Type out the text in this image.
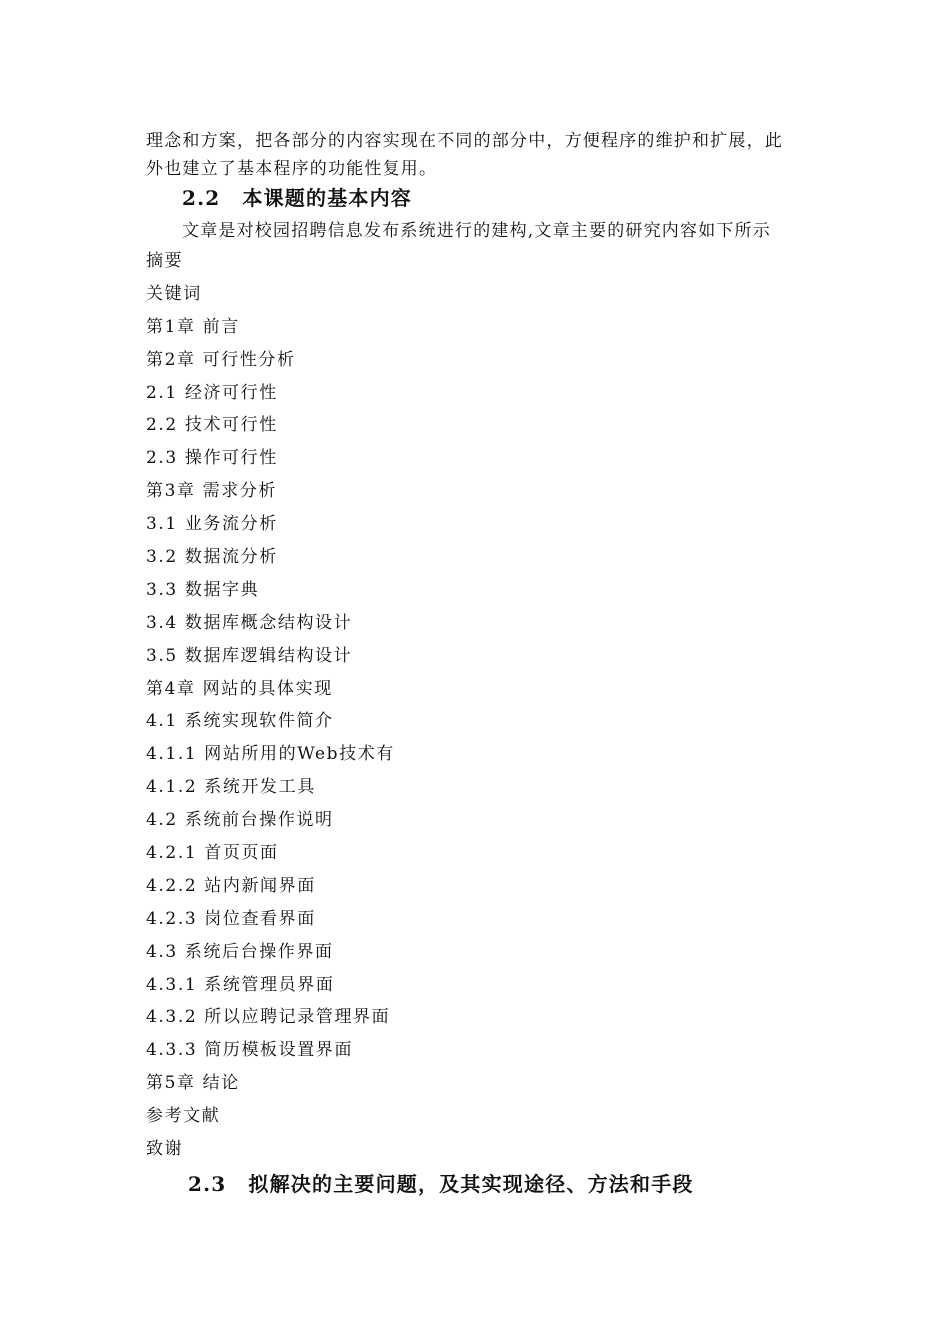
理念和方案，把各部分的内容实现在不同的部分中，方便程序的维护和扩展，此
外也建立了基本程序的功能性复用。
2.2 本课题的基本内容
文章是对校园招聘信息发布系统进行的建构,文章主要的研究内容如下所示
摘要
关键词
第1章 前言
第2章 可行性分析
2.1 经济可行性
2.2 技术可行性
2.3 操作可行性
第3章 需求分析
3.1 业务流分析
3.2 数据流分析
3.3 数据字典
3.4 数据库概念结构设计
3.5 数据库逻辑结构设计
第4章 网站的具体实现
4.1 系统实现软件简介
4.1.1 网站所用的Web技术有
4.1.2 系统开发工具
4.2 系统前台操作说明
4.2.1 首页页面
4.2.2 站内新闻界面
4.2.3 岗位查看界面
4.3 系统后台操作界面
4.3.1 系统管理员界面
4.3.2 所以应聘记录管理界面
4.3.3 简历模板设置界面
第5章 结论
参考文献
致谢
2.3 拟解决的主要问题，及其实现途径、方法和手段
